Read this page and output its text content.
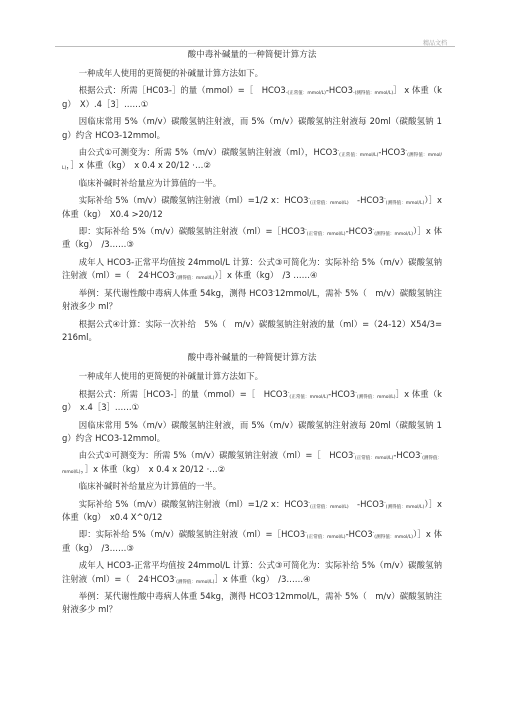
精品文档
酸中毒补碱量的一种简便计算方法

一种成年人使用的更简便的补碱量计算方法如下。

根据公式：所需［HC03-］的量（mmol）=［　$HCO3_{-(正常值:mmol/L)}-HCO3_{-(测得值:mmol/L)}]$ x 体重（kg）　X）.4［3］……①

因临床常用 5%（m/v）碳酸氢钠注射液，而 5%（m/v）碳酸氢钠注射液每 20ml（碳酸氢钠 1g）约含 HCO3-12mmol。

由公式①可测变为：所需 5%（m/v）碳酸氢钠注射液（ml），$HCO3^-_{(正常值:mmol/L)}-HCO3^-_{(测得值:mmol/L)}$，］x 体重（kg）　x 0.4 x 20/12 ·…②

临床补碱时补给量应为计算值的一半。

实际补给 5%（m/v）碳酸氢钠注射液（ml）=1/2 x：$HCO3^-_{(正常值:mmol/L)}$　$-HCO3^-_{(测得值:mmol/L)})]x$ 体重（kg）　X0.4 >20/12

即：实际补给 5%（m/v）碳酸氢钠注射液$(ml)=[HCO3^-_{(正常值:mmol/L)}-HCO3^-_{(测得值:mmol/L)})]x$ 体重（kg）　/3……③

成年人 HCO3-正常平均值按 24mmol/L 计算：公式③可简化为：实际补给 5%（m/v）碳酸氢钠注射液（ml）=（　$24^-HCO3^-_{(测得值:mmol/L)})]x$ 体重（kg）　/3 ……④

举例：某代谢性酸中毒病人体重 54kg，测得 HCO3-12mmol/L，需补 5%（　m/v）碳酸氢钠注射液多少 ml？

根据公式④计算：实际一次补给　5%（　m/v）碳酸氢钠注射液的量（ml）=（24-12）X54/3=216ml。

酸中毒补碱量的一种简便计算方法

一种成年人使用的更简便的补碱量计算方法如下。

根据公式：所需［HCO3-］的量（mmol）=［　$HCO3^-_{(正常值:mmol/L)}-HCO3^-_{(测得值:mmol/L)}]x$ 体重（kg）　x.4［3］……①

因临床常用 5%（m/v）碳酸氢钠注射液，而 5%（m/v）碳酸氢钠注射液每 20ml（碳酸氢钠 1g）约含 HCO3-12mmol。

由公式①可测变为：所需 5%（m/v）碳酸氢钠注射液（ml）=［　$HCO3^-_{(正常值:mmol/L)}-HCO3^-_{(测得值:mmol/L)}$，］x 体重（kg）　x 0.4 x 20/12 ·…②

临床补碱时补给量应为计算值的一半。

实际补给 5%（m/v）碳酸氢钠注射液（ml）=1/2 x：$HCO3^-_{(正常值:mmol/L)}$　$-HCO3^-_{(测得值:mmol/L)})]x$ 体重（kg）　x0.4 X^0/12

即：实际补给 5%（m/v）碳酸氢钠注射液$(ml)=[HCO3^-_{(正常值:mmol/L)}-HCO3^-_{(测得值:mmol/L)})]x$ 体重（kg）　/3……③

成年人 HCO3-正常平均值按 24mmol/L 计算：公式③可简化为：实际补给 5%（m/v）碳酸氢钠注射液（ml）=（　$24^-HCO3^-_{(测得值:mmol/L)}]x$ 体重（kg）　/3……④

举例：某代谢性酸中毒病人体重 54kg，测得 HCO3-12mmol/L，需补 5%（　m/v）碳酸氢钠注射液多少 ml？
